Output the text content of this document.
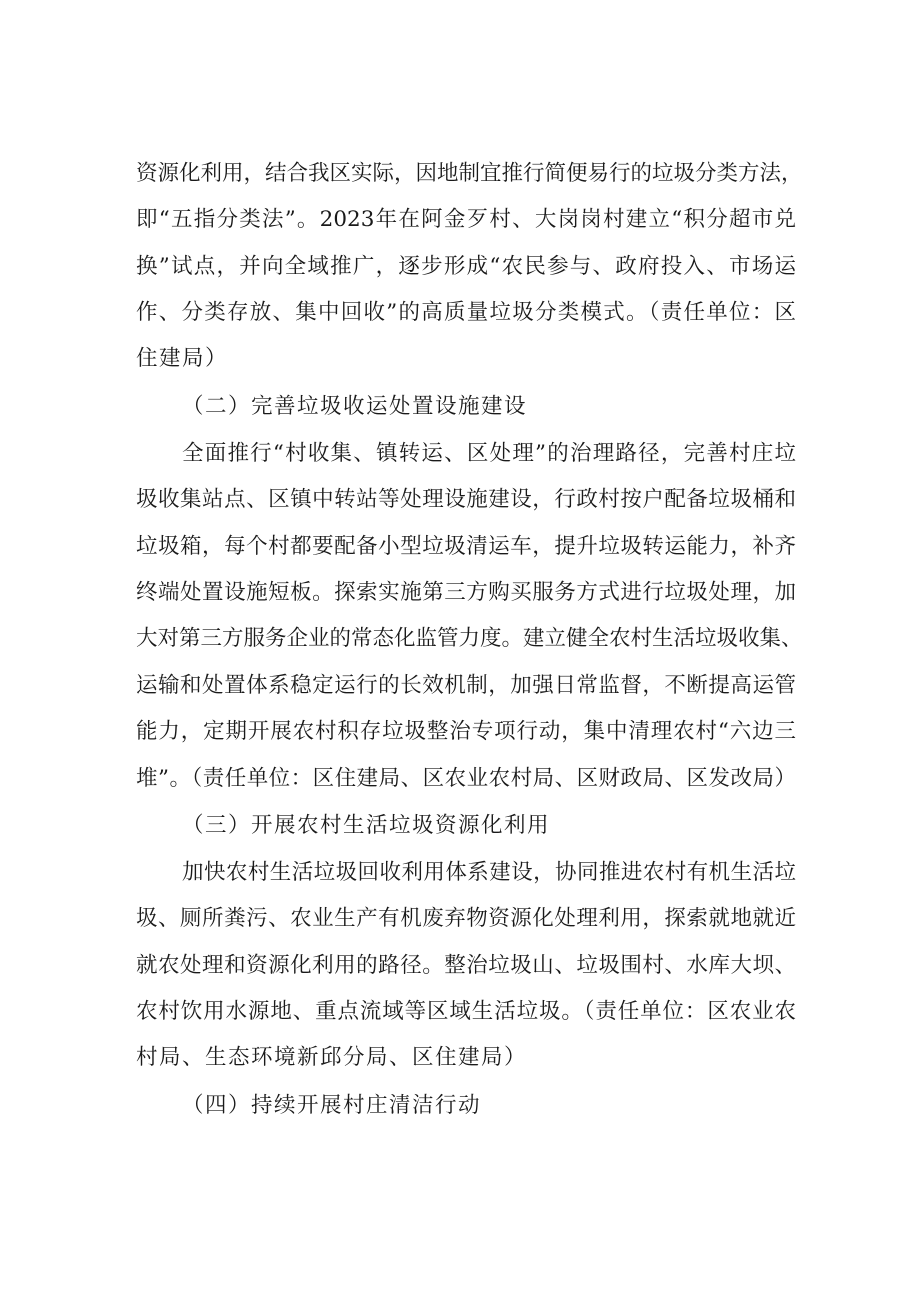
资源化利用，结合我区实际，因地制宜推行简便易行的垃圾分类方法，
即“五指分类法”。2023年在阿金歹村、大岗岗村建立“积分超市兑
换”试点，并向全域推广，逐步形成“农民参与、政府投入、市场运
作、分类存放、集中回收”的高质量垃圾分类模式。（责任单位：区
住建局）
（二）完善垃圾收运处置设施建设
全面推行“村收集、镇转运、区处理”的治理路径，完善村庄垃
圾收集站点、区镇中转站等处理设施建设，行政村按户配备垃圾桶和
垃圾箱，每个村都要配备小型垃圾清运车，提升垃圾转运能力，补齐
终端处置设施短板。探索实施第三方购买服务方式进行垃圾处理，加
大对第三方服务企业的常态化监管力度。建立健全农村生活垃圾收集、
运输和处置体系稳定运行的长效机制，加强日常监督，不断提高运管
能力，定期开展农村积存垃圾整治专项行动，集中清理农村“六边三
堆”。（责任单位：区住建局、区农业农村局、区财政局、区发改局）
（三）开展农村生活垃圾资源化利用
加快农村生活垃圾回收利用体系建设，协同推进农村有机生活垃
圾、厕所粪污、农业生产有机废弃物资源化处理利用，探索就地就近
就农处理和资源化利用的路径。整治垃圾山、垃圾围村、水库大坝、
农村饮用水源地、重点流域等区域生活垃圾。（责任单位：区农业农
村局、生态环境新邱分局、区住建局）
（四）持续开展村庄清洁行动
